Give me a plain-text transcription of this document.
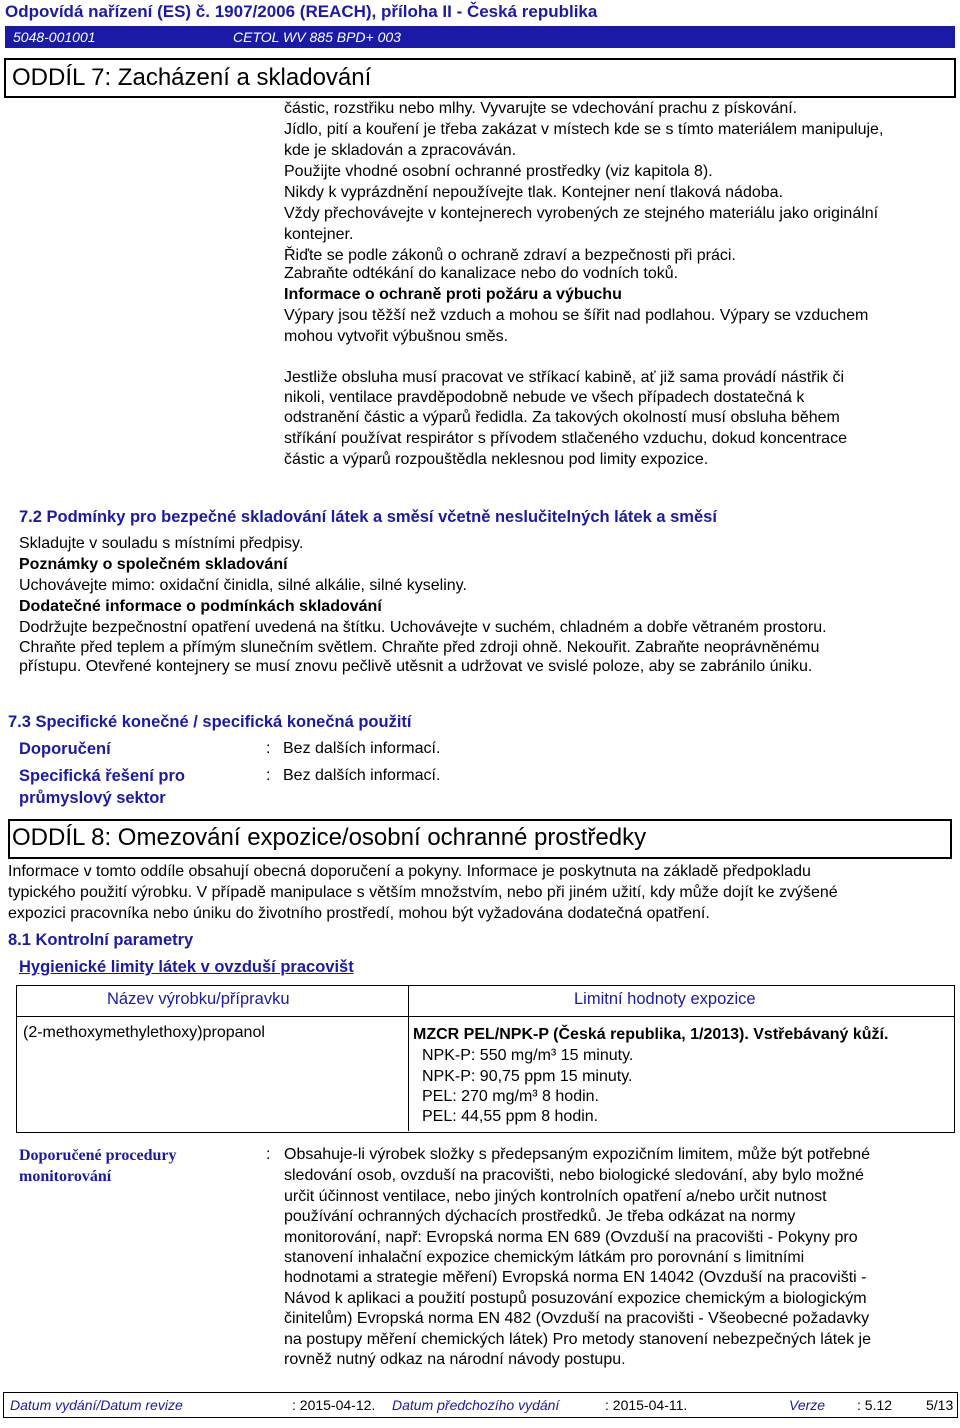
Odpovídá nařízení (ES) č. 1907/2006 (REACH), příloha II - Česká republika
5048-001001	CETOL WV 885 BPD+ 003
ODDÍL 7: Zacházení a skladování
částic, rozstřiku nebo mlhy. Vyvarujte se vdechování prachu z pískování.
Jídlo, pití a kouření je třeba zakázat v místech kde se s tímto materiálem manipuluje,
kde je skladován a zpracováván.
Použijte vhodné osobní ochranné prostředky (viz kapitola 8).
Nikdy k vyprázdnění nepoužívejte tlak. Kontejner není tlaková nádoba.
Vždy přechovávejte v kontejnerech vyrobených ze stejného materiálu jako originální
kontejner.
Řiďte se podle zákonů o ochraně zdraví a bezpečnosti při práci.
Zabraňte odtékání do kanalizace nebo do vodních toků.
Informace o ochraně proti požáru a výbuchu
Výpary jsou těžší než vzduch a mohou se šířit nad podlahou. Výpary se vzduchem
mohou vytvořit výbušnou směs.
Jestliže obsluha musí pracovat ve stříkací kabině, ať již sama provádí nástřik či
nikoli, ventilace pravděpodobně nebude ve všech případech dostatečná k
odstranění částic a výparů ředidla. Za takových okolností musí obsluha během
stříkání používat respirátor s přívodem stlačeného vzduchu, dokud koncentrace
částic a výparů rozpouštědla neklesnou pod limity expozice.
7.2 Podmínky pro bezpečné skladování látek a směsí včetně neslučitelných látek a směsí
Skladujte v souladu s místními předpisy.
Poznámky o společném skladování
Uchovávejte mimo: oxidační činidla, silné alkálie, silné kyseliny.
Dodatečné informace o podmínkách skladování
Dodržujte bezpečnostní opatření uvedená na štítku. Uchovávejte v suchém, chladném a dobře větraném prostoru.
Chraňte před teplem a přímým slunečním světlem. Chraňte před zdroji ohně. Nekouřit. Zabraňte neoprávněnému
přístupu. Otevřené kontejnery se musí znovu pečlivě utěsnit a udržovat ve svislé poloze, aby se zabránilo úniku.
7.3 Specifické konečné / specifická konečná použití
Doporučení	: Bez dalších informací.
Specifická řešení pro
průmyslový sektor
: Bez dalších informací.
ODDÍL 8: Omezování expozice/osobní ochranné prostředky
Informace v tomto oddíle obsahují obecná doporučení a pokyny. Informace je poskytnuta na základě předpokladu
typického použití výrobku. V případě manipulace s větším množstvím, nebo při jiném užití, kdy může dojít ke zvýšené
expozici pracovníka nebo úniku do životního prostředí, mohou být vyžadována dodatečná opatření.
8.1 Kontrolní parametry
Hygienické limity látek v ovzduší pracovišt
Název výrobku/přípravku	Limitní hodnoty expozice
(2-methoxymethylethoxy)propanol	MZCR PEL/NPK-P (Česká republika, 1/2013). Vstřebávaný kůží.
NPK-P: 550 mg/m³ 15 minuty.
NPK-P: 90,75 ppm 15 minuty.
PEL: 270 mg/m³ 8 hodin.
PEL: 44,55 ppm 8 hodin.
Doporučené procedury
monitorování
: Obsahuje-li výrobek složky s předepsaným expozičním limitem, může být potřebné
sledování osob, ovzduší na pracovišti, nebo biologické sledování, aby bylo možné
určit účinnost ventilace, nebo jiných kontrolních opatření a/nebo určit nutnost
používání ochranných dýchacích prostředků. Je třeba odkázat na normy
monitorování, např: Evropská norma EN 689 (Ovzduší na pracovišti - Pokyny pro
stanovení inhalační expozice chemickým látkám pro porovnání s limitními
hodnotami a strategie měření) Evropská norma EN 14042 (Ovzduší na pracovišti -
Návod k aplikaci a použití postupů posuzování expozice chemickým a biologickým
činitelům) Evropská norma EN 482 (Ovzduší na pracovišti - Všeobecné požadavky
na postupy měření chemických látek) Pro metody stanovení nebezpečných látek je
rovněž nutný odkaz na národní návody postupu.
Datum vydání/Datum revize	: 2015-04-12. Datum předchozího vydání	: 2015-04-11.	Verze : 5.12 5/13
